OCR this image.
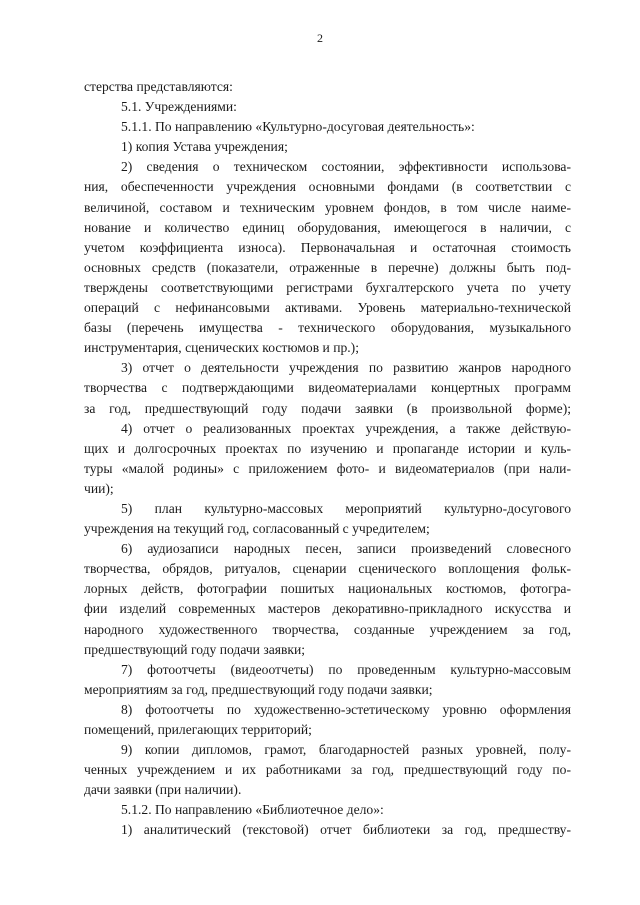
2
стерства представляются:
5.1. Учреждениями:
5.1.1. По направлению «Культурно-досуговая деятельность»:
1) копия Устава учреждения;
2) сведения о техническом состоянии, эффективности использова-
ния, обеспеченности учреждения основными фондами (в соответствии с
величиной, составом и техническим уровнем фондов, в том числе наиме-
нование и количество единиц оборудования, имеющегося в наличии, с
учетом коэффициента износа). Первоначальная и остаточная стоимость
основных средств (показатели, отраженные в перечне) должны быть под-
тверждены соответствующими регистрами бухгалтерского учета по учету
операций с нефинансовыми активами. Уровень материально-технической
базы (перечень имущества - технического оборудования, музыкального
инструментария, сценических костюмов и пр.);
3) отчет о деятельности учреждения по развитию жанров народного
творчества с подтверждающими видеоматериалами концертных программ
за год, предшествующий году подачи заявки (в произвольной форме);
4) отчет о реализованных проектах учреждения, а также действую-
щих и долгосрочных проектах по изучению и пропаганде истории и куль-
туры «малой родины» с приложением фото- и видеоматериалов (при нали-
чии);
5) план культурно-массовых мероприятий культурно-досугового
учреждения на текущий год, согласованный с учредителем;
6) аудиозаписи народных песен, записи произведений словесного
творчества, обрядов, ритуалов, сценарии сценического воплощения фольк-
лорных действ, фотографии пошитых национальных костюмов, фотогра-
фии изделий современных мастеров декоративно-прикладного искусства и
народного художественного творчества, созданные учреждением за год,
предшествующий году подачи заявки;
7) фотоотчеты (видеоотчеты) по проведенным культурно-массовым
мероприятиям за год, предшествующий году подачи заявки;
8) фотоотчеты по художественно-эстетическому уровню оформления
помещений, прилегающих территорий;
9) копии дипломов, грамот, благодарностей разных уровней, полу-
ченных учреждением и их работниками за год, предшествующий году по-
дачи заявки (при наличии).
5.1.2. По направлению «Библиотечное дело»:
1) аналитический (текстовой) отчет библиотеки за год, предшеству-
